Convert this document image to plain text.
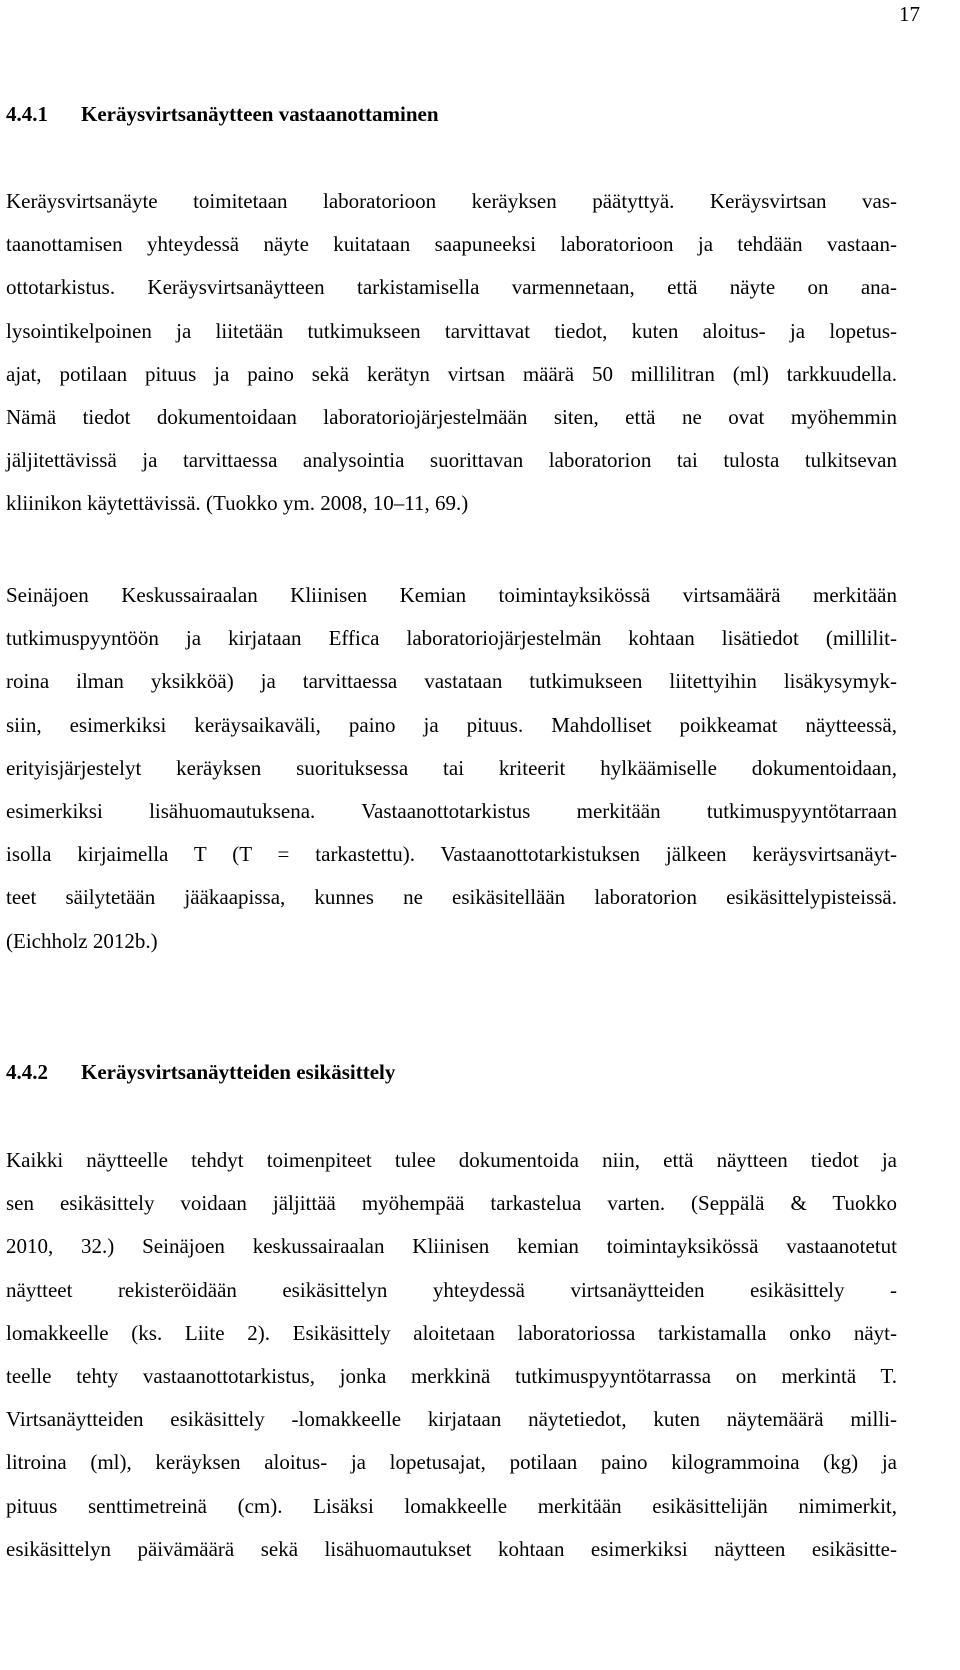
17
4.4.1 Keräysvirtsanäytteen vastaanottaminen
Keräysvirtsanäyte toimitetaan laboratorioon keräyksen päätyttyä. Keräysvirtsan vas-
taanottamisen yhteydessä näyte kuitataan saapuneeksi laboratorioon ja tehdään vastaan-
ottotarkistus. Keräysvirtsanäytteen tarkistamisella varmennetaan, että näyte on ana-
lysointikelpoinen ja liitetään tutkimukseen tarvittavat tiedot, kuten aloitus- ja lopetus-
ajat, potilaan pituus ja paino sekä kerätyn virtsan määrä 50 millilitran (ml) tarkkuudella.
Nämä tiedot dokumentoidaan laboratoriojärjestelmään siten, että ne ovat myöhemmin
jäljitettävissä ja tarvittaessa analysointia suorittavan laboratorion tai tulosta tulkitsevan
kliinikon käytettävissä. (Tuokko ym. 2008, 10–11, 69.)
Seinäjoen Keskussairaalan Kliinisen Kemian toimintayksikössä virtsamäärä merkitään
tutkimuspyyntöön ja kirjataan Effica laboratoriojärjestelmän kohtaan lisätiedot (millilit-
roina ilman yksikköä) ja tarvittaessa vastataan tutkimukseen liitettyihin lisäkysymyk-
siin, esimerkiksi keräysaikaväli, paino ja pituus. Mahdolliset poikkeamat näytteessä,
erityisjärjestelyt keräyksen suorituksessa tai kriteerit hylkäämiselle dokumentoidaan,
esimerkiksi lisähuomautuksena. Vastaanottotarkistus merkitään tutkimuspyyntötarraan
isolla kirjaimella T (T = tarkastettu). Vastaanottotarkistuksen jälkeen keräysvirtsanäyt-
teet säilytetään jääkaapissa, kunnes ne esikäsitellään laboratorion esikäsittelypisteissä.
(Eichholz 2012b.)
4.4.2 Keräysvirtsanäytteiden esikäsittely
Kaikki näytteelle tehdyt toimenpiteet tulee dokumentoida niin, että näytteen tiedot ja
sen esikäsittely voidaan jäljittää myöhempää tarkastelua varten. (Seppälä & Tuokko
2010, 32.) Seinäjoen keskussairaalan Kliinisen kemian toimintayksikössä vastaanotetut
näytteet rekisteröidään esikäsittelyn yhteydessä virtsanäytteiden esikäsittely -
lomakkeelle (ks. Liite 2). Esikäsittely aloitetaan laboratoriossa tarkistamalla onko näyt-
teelle tehty vastaanottotarkistus, jonka merkkinä tutkimuspyyntötarrassa on merkintä T.
Virtsanäytteiden esikäsittely -lomakkeelle kirjataan näytetiedot, kuten näytemäärä milli-
litroina (ml), keräyksen aloitus- ja lopetusajat, potilaan paino kilogrammoina (kg) ja
pituus senttimetreinä (cm). Lisäksi lomakkeelle merkitään esikäsittelijän nimimerkit,
esikäsittelyn päivämäärä sekä lisähuomautukset kohtaan esimerkiksi näytteen esikäsitte-
